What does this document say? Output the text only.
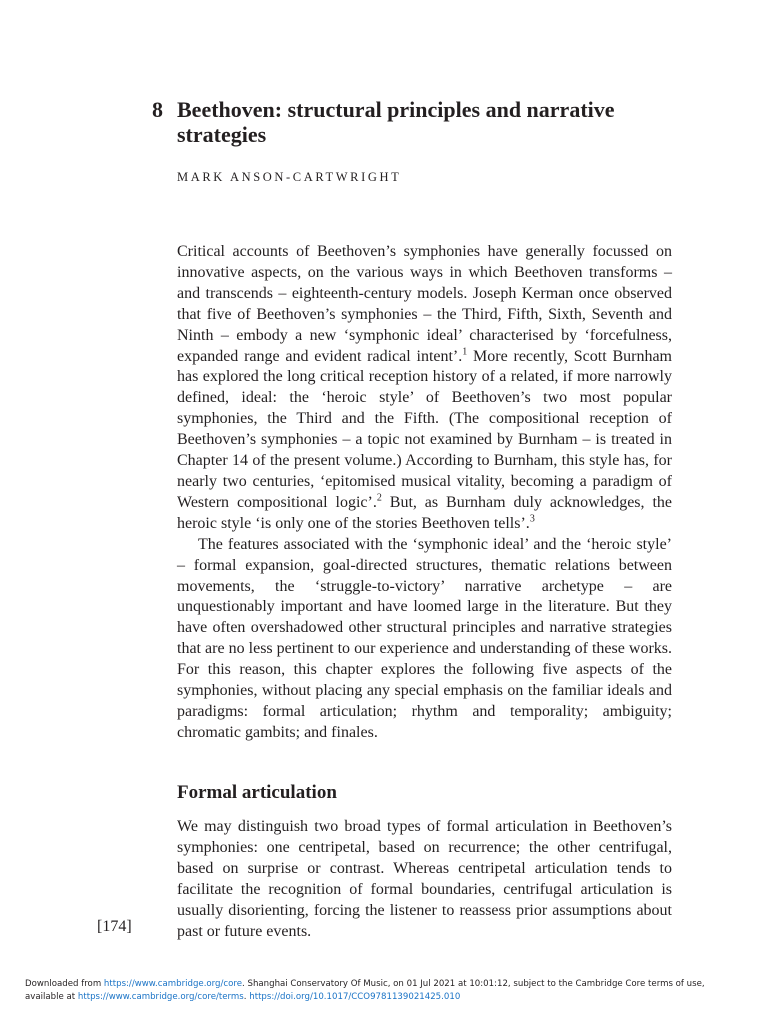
8 Beethoven: structural principles and narrative strategies
MARK ANSON-CARTWRIGHT

Critical accounts of Beethoven’s symphonies have generally focussed on innovative aspects, on the various ways in which Beethoven transforms – and transcends – eighteenth-century models. Joseph Kerman once observed that five of Beethoven’s symphonies – the Third, Fifth, Sixth, Seventh and Ninth – embody a new ‘symphonic ideal’ characterised by ‘forcefulness, expanded range and evident radical intent’.$^1$ More recently, Scott Burnham has explored the long critical reception history of a related, if more narrowly defined, ideal: the ‘heroic style’ of Beethoven’s two most popular symphonies, the Third and the Fifth. (The compositional reception of Beethoven’s symphonies – a topic not examined by Burnham – is treated in Chapter 14 of the present volume.) According to Burnham, this style has, for nearly two centuries, ‘epitomised musical vitality, becoming a paradigm of Western compositional logic’.$^2$ But, as Burnham duly acknowledges, the heroic style ‘is only one of the stories Beethoven tells’.$^3$

The features associated with the ‘symphonic ideal’ and the ‘heroic style’ – formal expansion, goal-directed structures, thematic relations between movements, the ‘struggle-to-victory’ narrative archetype – are unquestionably important and have loomed large in the literature. But they have often overshadowed other structural principles and narrative strategies that are no less pertinent to our experience and understanding of these works. For this reason, this chapter explores the following five aspects of the symphonies, without placing any special emphasis on the familiar ideals and paradigms: formal articulation; rhythm and temporality; ambiguity; chromatic gambits; and finales.

Formal articulation

We may distinguish two broad types of formal articulation in Beethoven’s symphonies: one centripetal, based on recurrence; the other centrifugal, based on surprise or contrast. Whereas centripetal articulation tends to facilitate the recognition of formal boundaries, centrifugal articulation is usually disorienting, forcing the listener to reassess prior assumptions about past or future events.

[174]
Downloaded from https://www.cambridge.org/core. Shanghai Conservatory Of Music, on 01 Jul 2021 at 10:01:12, subject to the Cambridge Core terms of use,
available at https://www.cambridge.org/core/terms. https://doi.org/10.1017/CCO9781139021425.010
